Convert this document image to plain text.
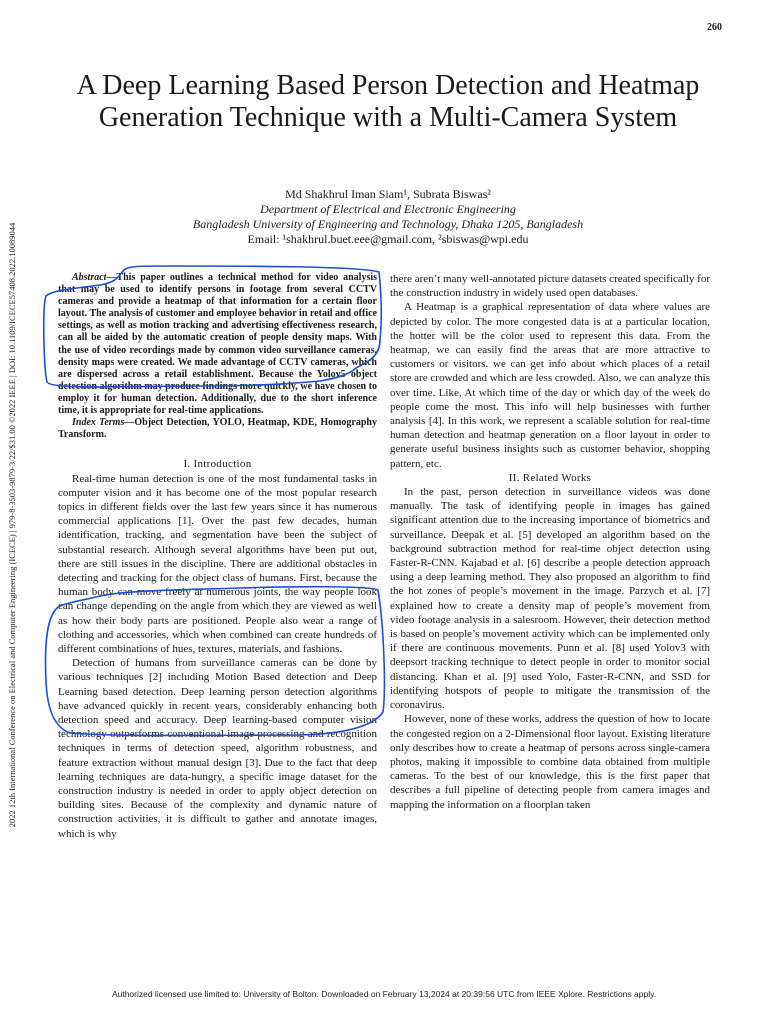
260
2022 12th International Conference on Electrical and Computer Engineering (ICECE) | 979-8-3503-9879-3/22/$31.00 ©2022 IEEE | DOI: 10.1109/ICECE57408.2022.10089044
A Deep Learning Based Person Detection and Heatmap Generation Technique with a Multi-Camera System
Md Shakhrul Iman Siam¹, Subrata Biswas²
Department of Electrical and Electronic Engineering
Bangladesh University of Engineering and Technology, Dhaka 1205, Bangladesh
Email: ¹shakhrul.buet.eee@gmail.com, ²sbiswas@wpi.edu

Abstract—This paper outlines a technical method for video analysis that may be used to identify persons in footage from several CCTV cameras and provide a heatmap of that information for a certain floor layout. The analysis of customer and employee behavior in retail and office settings, as well as motion tracking and advertising effectiveness research, can all be aided by the automatic creation of people density maps. With the use of video recordings made by common video surveillance cameras, density maps were created. We made advantage of CCTV cameras, which are dispersed across a retail establishment. Because the Yolov5 object detection algorithm may produce findings more quickly, we have chosen to employ it for human detection. Additionally, due to the short inference time, it is appropriate for real-time applications.

Index Terms—Object Detection, YOLO, Heatmap, KDE, Homography Transform.

I. Introduction

Real-time human detection is one of the most fundamental tasks in computer vision and it has become one of the most popular research topics in different fields over the last few years since it has numerous commercial applications [1]. Over the past few decades, human identification, tracking, and segmentation have been the subject of substantial research. Although several algorithms have been put out, there are still issues in the discipline. There are additional obstacles in detecting and tracking for the object class of humans. First, because the human body can move freely at numerous joints, the way people look can change depending on the angle from which they are viewed as well as how their body parts are positioned. People also wear a range of clothing and accessories, which when combined can create hundreds of different combinations of hues, textures, materials, and fashions.

Detection of humans from surveillance cameras can be done by various techniques [2] including Motion Based detection and Deep Learning based detection. Deep learning person detection algorithms have advanced quickly in recent years, considerably enhancing both detection speed and accuracy. Deep learning-based computer vision technology outperforms conventional image processing and recognition techniques in terms of detection speed, algorithm robustness, and feature extraction without manual design [3]. Due to the fact that deep learning techniques are data-hungry, a specific image dataset for the construction industry is needed in order to apply object detection on building sites. Because of the complexity and dynamic nature of construction activities, it is difficult to gather and annotate images, which is why

there aren’t many well-annotated picture datasets created specifically for the construction industry in widely used open databases.

A Heatmap is a graphical representation of data where values are depicted by color. The more congested data is at a particular location, the hotter will be the color used to represent this data. From the heatmap, we can easily find the areas that are more attractive to customers or visitors. we can get info about which places of a retail store are crowded and which are less crowded. Also, we can analyze this over time. Like, At which time of the day or which day of the week do people come the most. This info will help businesses with further analysis [4]. In this work, we represent a scalable solution for real-time human detection and heatmap generation on a floor layout in order to generate useful business insights such as customer behavior, shopping pattern, etc.

II. Related Works

In the past, person detection in surveillance videos was done manually. The task of identifying people in images has gained significant attention due to the increasing importance of biometrics and surveillance. Deepak et al. [5] developed an algorithm based on the background subtraction method for real-time object detection using Faster-R-CNN. Kajabad et al. [6] describe a people detection approach using a deep learning method. They also proposed an algorithm to find the hot zones of people’s movement in the image. Parzych et al. [7] explained how to create a density map of people’s movement from video footage analysis in a salesroom. However, their detection method is based on people’s movement activity which can be implemented only if there are continuous movements. Punn et al. [8] used Yolov3 with deepsort tracking technique to detect people in order to monitor social distancing. Khan et al. [9] used Yolo, Faster-R-CNN, and SSD for identifying hotspots of people to mitigate the transmission of the coronavirus.

However, none of these works, address the question of how to locate the congested region on a 2-Dimensional floor layout. Existing literature only describes how to create a heatmap of persons across single-camera photos, making it impossible to combine data obtained from multiple cameras. To the best of our knowledge, this is the first paper that describes a full pipeline of detecting people from camera images and mapping the information on a floorplan taken

Authorized licensed use limited to: University of Bolton. Downloaded on February 13,2024 at 20:39:56 UTC from IEEE Xplore. Restrictions apply.
